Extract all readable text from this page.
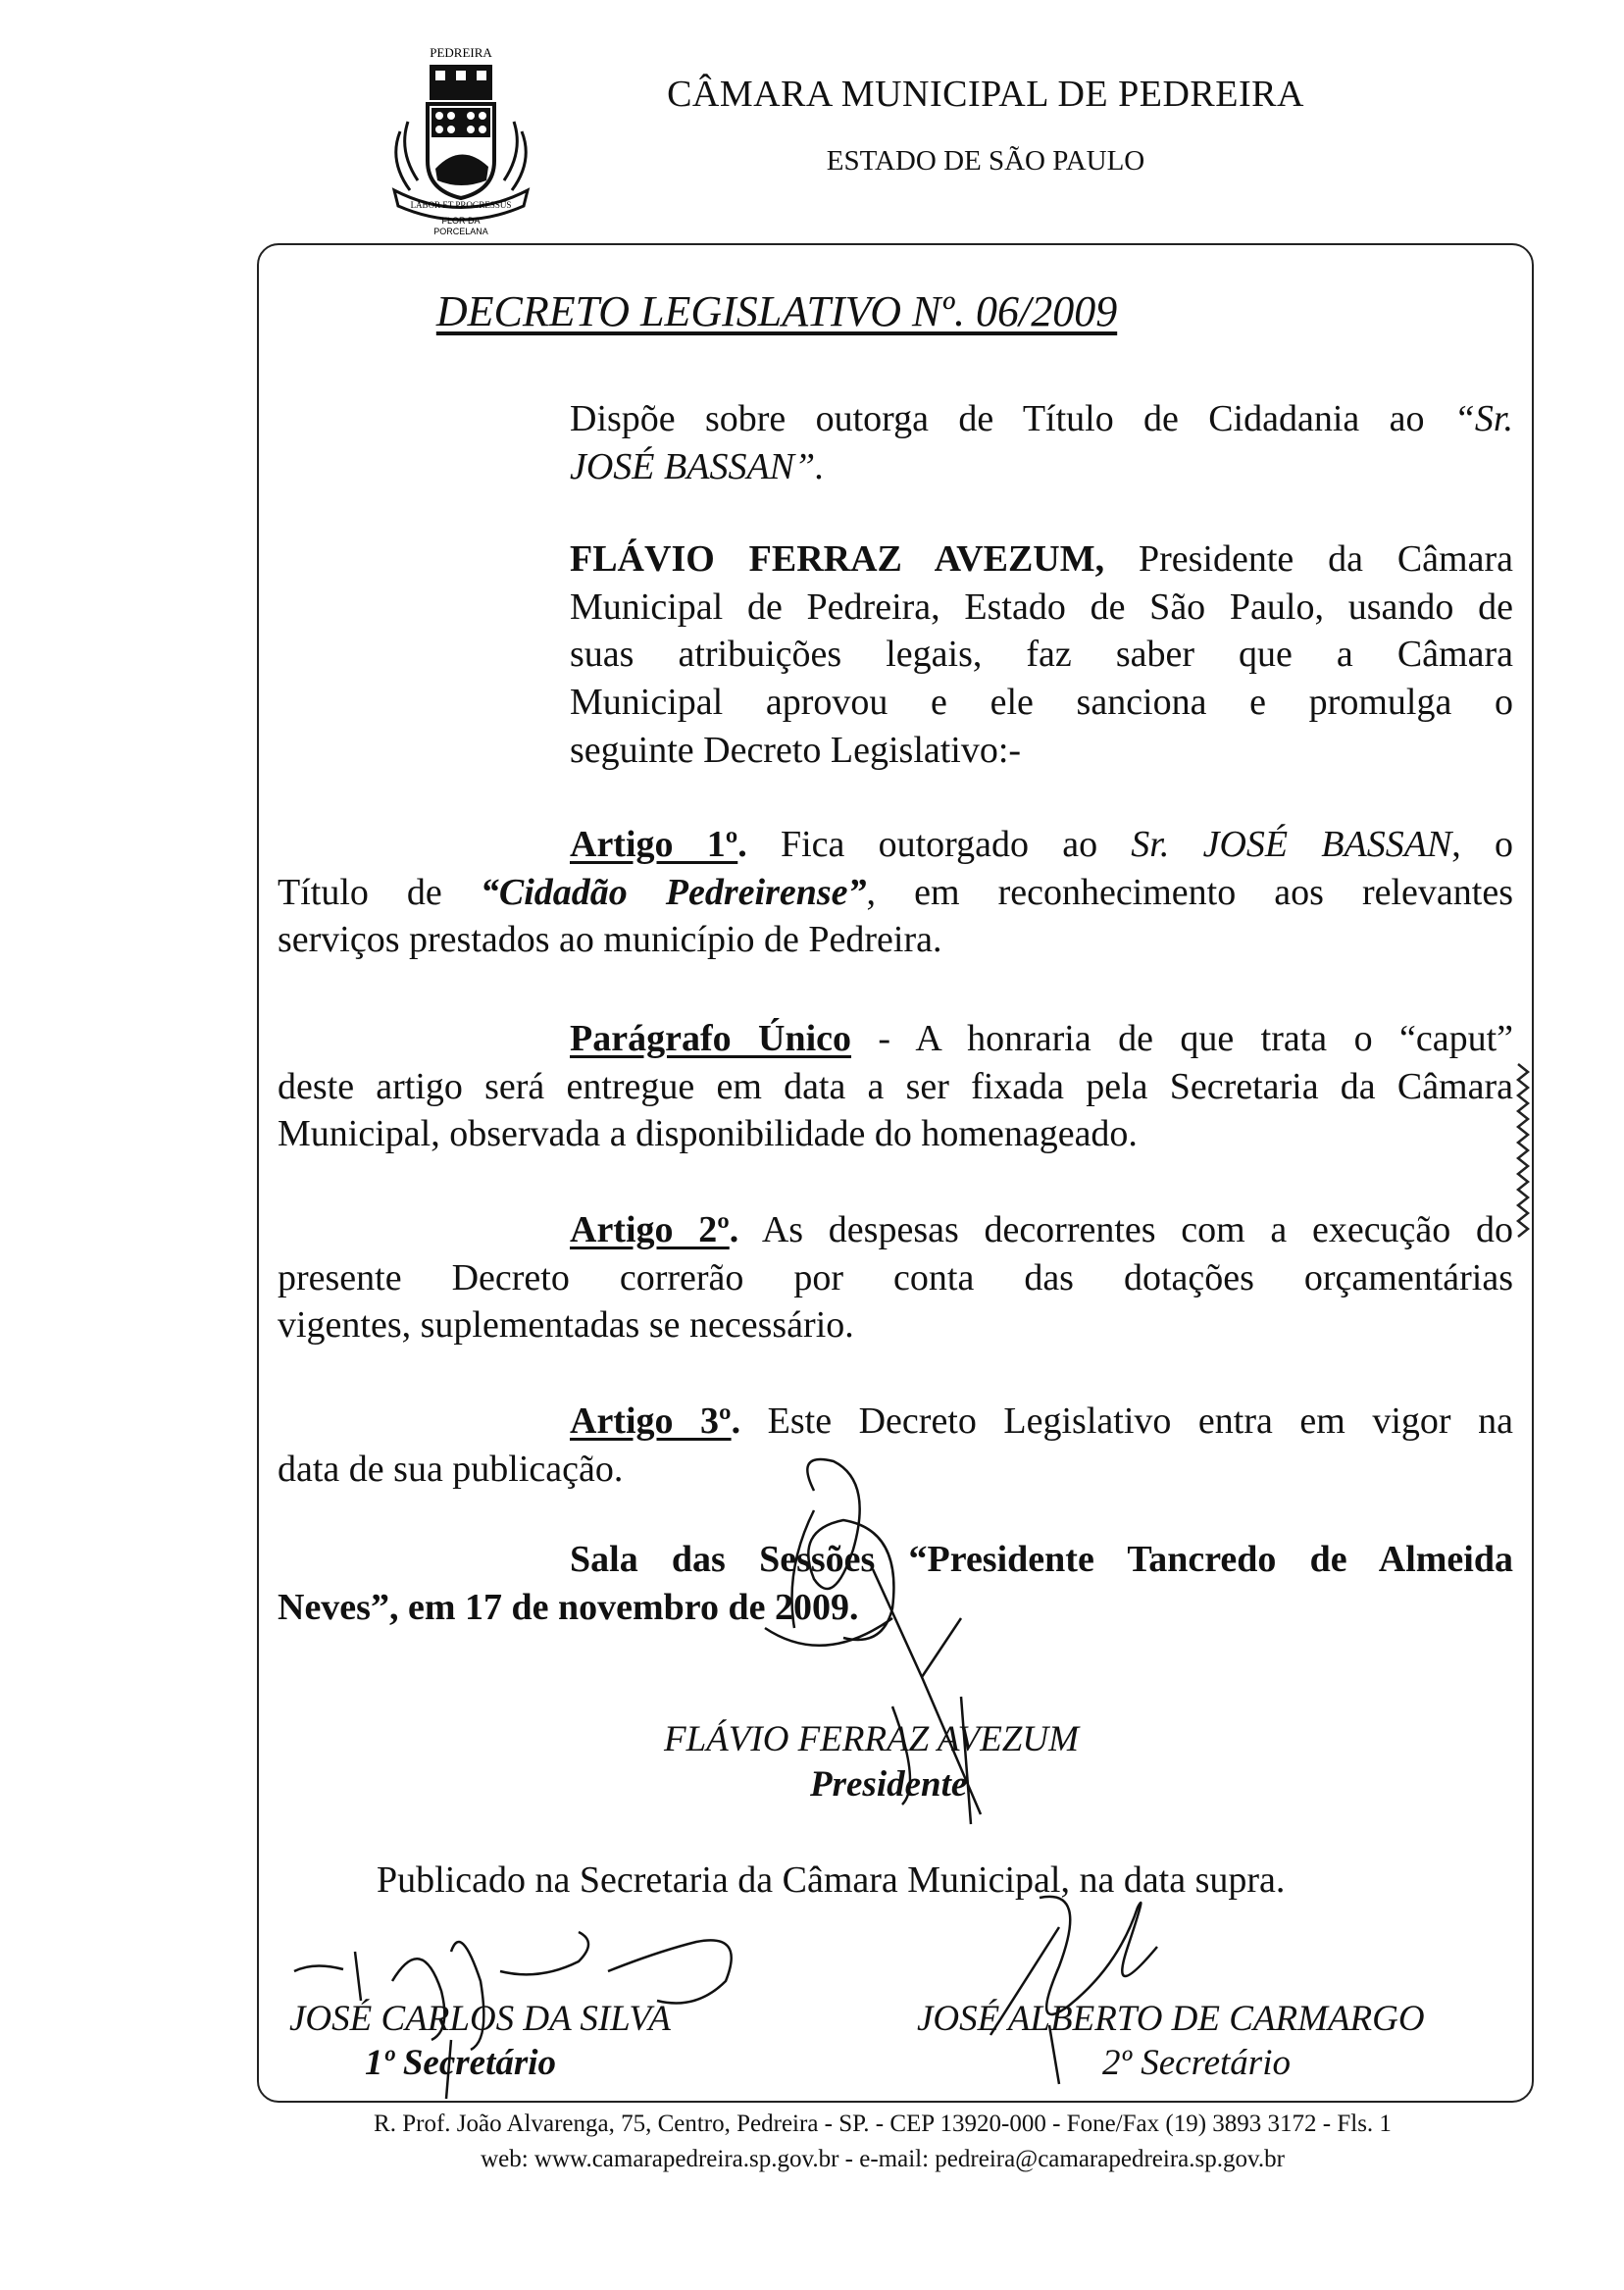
PEDREIRA
LABOR ET PROGRESSUS
FLOR DA
PORCELANA
CÂMARA MUNICIPAL DE PEDREIRA
ESTADO DE SÃO PAULO
DECRETO LEGISLATIVO Nº. 06/2009
Dispõe sobre outorga de Título de Cidadania ao “Sr.
JOSÉ BASSAN”.
FLÁVIO FERRAZ AVEZUM, Presidente da Câmara
Municipal de Pedreira, Estado de São Paulo, usando de
suas atribuições legais, faz saber que a Câmara
Municipal aprovou e ele sanciona e promulga o
seguinte Decreto Legislativo:-
Artigo 1º. Fica outorgado ao Sr. JOSÉ BASSAN, o
Título de “Cidadão Pedreirense”, em reconhecimento aos relevantes
serviços prestados ao município de Pedreira.
Parágrafo Único - A honraria de que trata o “caput”
deste artigo será entregue em data a ser fixada pela Secretaria da Câmara
Municipal, observada a disponibilidade do homenageado.
Artigo 2º. As despesas decorrentes com a execução do
presente Decreto correrão por conta das dotações orçamentárias
vigentes, suplementadas se necessário.
Artigo 3º. Este Decreto Legislativo entra em vigor na
data de sua publicação.
Sala das Sessões “Presidente Tancredo de Almeida
Neves”, em 17 de novembro de 2009.
FLÁVIO FERRAZ AVEZUM
Presidente
Publicado na Secretaria da Câmara Municipal, na data supra.
JOSÉ CARLOS DA SILVA
1º Secretário
JOSÉ ALBERTO DE CARMARGO
2º Secretário
R. Prof. João Alvarenga, 75, Centro, Pedreira - SP. - CEP 13920-000 - Fone/Fax (19) 3893 3172 - Fls. 1
web: www.camarapedreira.sp.gov.br - e-mail: pedreira@camarapedreira.sp.gov.br
